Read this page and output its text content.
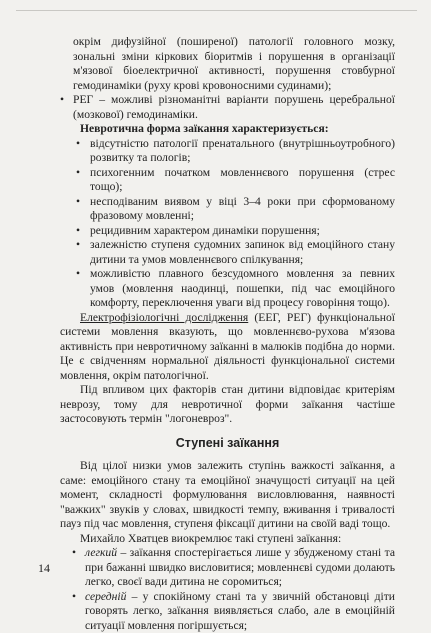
окрім дифузійної (поширеної) патології головного мозку, зональні зміни кіркових біоритмів і порушення в організації м'язової біоелектричної активності, порушення стовбурної гемодинаміки (руху крові кровоносними судинами);

• РЕГ – можливі різноманітні варіанти порушень церебральної (мозкової) гемодинаміки.

Невротична форма заїкання характеризується:

• відсутністю патології пренатального (внутрішньоутробного) розвитку та пологів;
• психогенним початком мовленнєвого порушення (стрес тощо);
• несподіваним виявом у віці 3–4 роки при сформованому фразовому мовленні;
• рецидивним характером динаміки порушення;
• залежністю ступеня судомних запинок від емоційного стану дитини та умов мовленнєвого спілкування;
• можливістю плавного безсудомного мовлення за певних умов (мовлення наодинці, пошепки, під час емоційного комфорту, переключення уваги від процесу говоріння тощо).

Електрофізіологічні дослідження (ЕЕГ, РЕГ) функціональної системи мовлення вказують, що мовленнєво-рухова м'язова активність при невротичному заїканні в малюків подібна до норми. Це є свідченням нормальної діяльності функціональної системи мовлення, окрім патологічної.

Під впливом цих факторів стан дитини відповідає критеріям неврозу, тому для невротичної форми заїкання частіше застосовують термін "логоневроз".

Ступені заїкання

Від цілої низки умов залежить ступінь важкості заїкання, а саме: емоційного стану та емоційної значущості ситуації на цей момент, складності формулювання висловлювання, наявності "важких" звуків у словах, швидкості темпу, вживання і тривалості пауз під час мовлення, ступеня фіксації дитини на своїй вадi тощо.

Михайло Хватцев виокремлює такі ступені заїкання:

• легкий – заїкання спостерігається лише у збудженому стані та при бажанні швидко висловитися; мовленнєві судоми долають легко, своєї вади дитина не соромиться;
• середній – у спокійному стані та у звичній обстановці діти говорять легко, заїкання виявляється слабо, але в емоційній ситуації мовлення погіршується;
14
